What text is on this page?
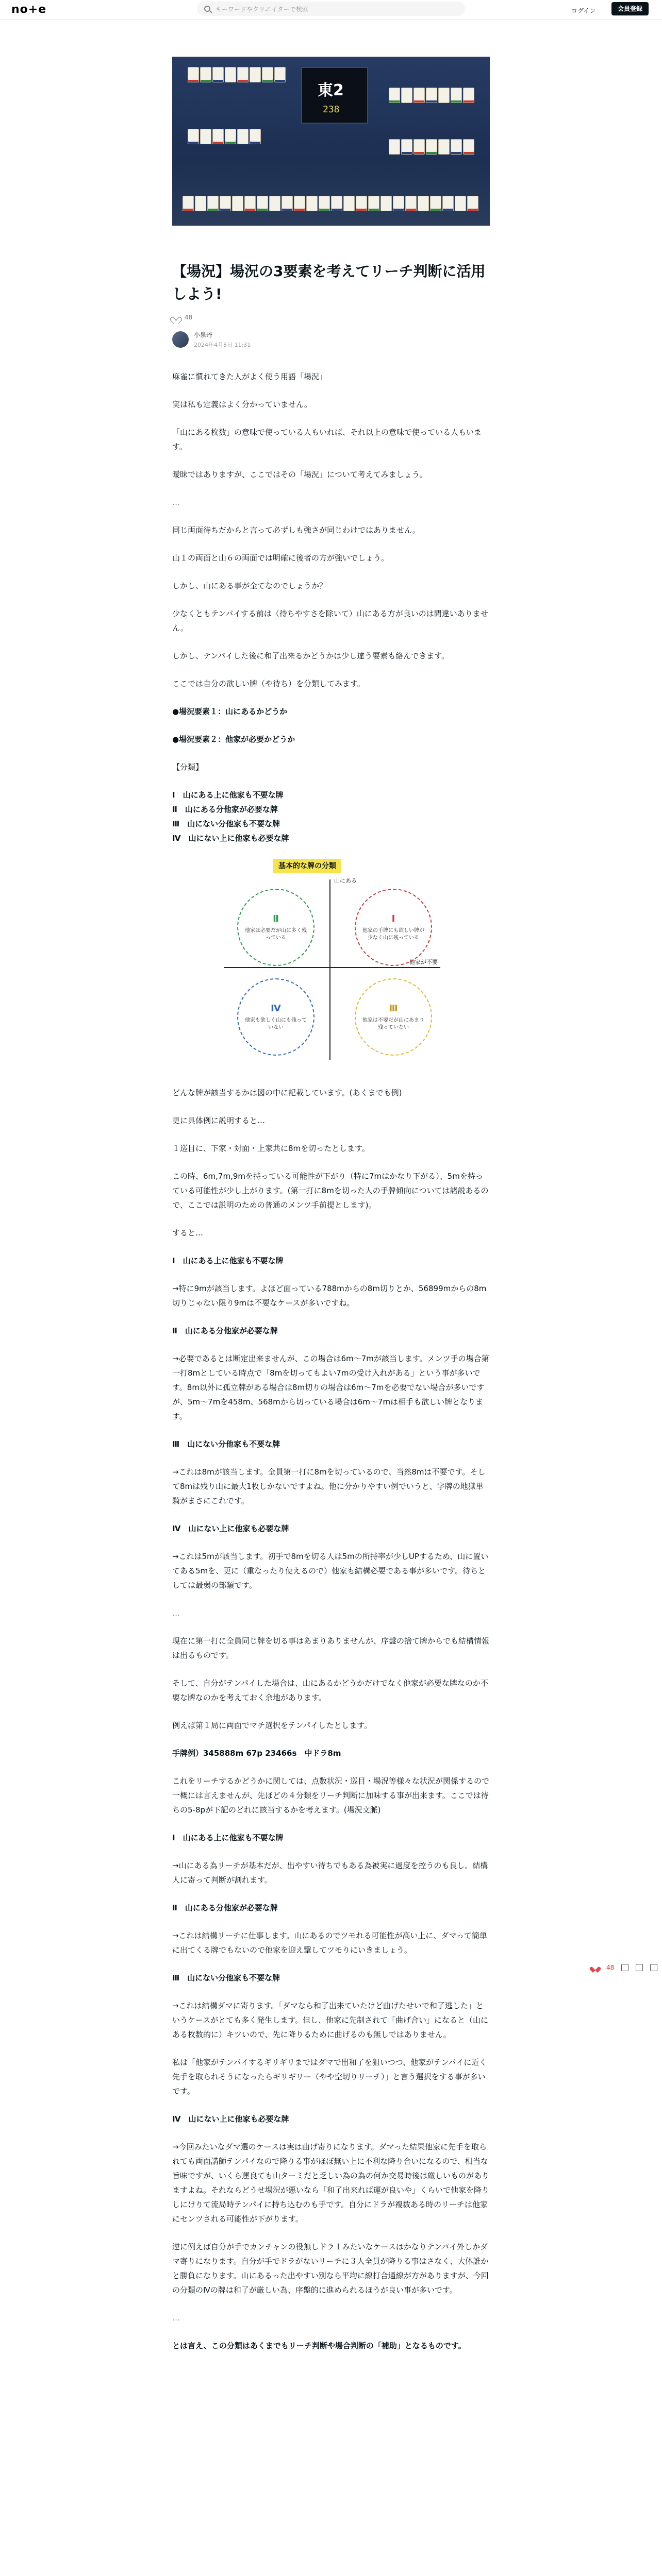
no+e	キーワードやクリエイターで検索	ログイン	会員登録
東2
238
【場況】場況の3要素を考えてリーチ判断に活用しよう!
48
小泉丹
2024年4月8日 11:31

麻雀に慣れてきた人がよく使う用語「場況」

実は私も定義はよく分かっていません。

「山にある枚数」の意味で使っている人もいれば、それ以上の意味で使っている人もいます。

曖昧ではありますが、ここではその「場況」について考えてみましょう。

…

同じ両面待ちだからと言って必ずしも強さが同じわけではありません。

山１の両面と山６の両面では明確に後者の方が強いでしょう。

しかし、山にある事が全てなのでしょうか？

少なくともテンパイする前は（待ちやすさを除いて）山にある方が良いのは間違いありません。

しかし、テンパイした後に和了出来るかどうかは少し違う要素も絡んできます。

ここでは自分の欲しい牌（や待ち）を分類してみます。

●場況要素１：山にあるかどうか

●場況要素２：他家が必要かどうか

【分類】

Ⅰ　山にある上に他家も不要な牌
Ⅱ　山にある分他家が必要な牌
Ⅲ　山にない分他家も不要な牌
Ⅳ　山にない上に他家も必要な牌
基本的な牌の分類
山にある
他家が不要
Ⅱ
他家は必要だが山に多く残っている
Ⅰ
他家の手牌にも欲しい牌が少なく山に残っている
Ⅳ
他家も欲しく山にも残っていない
Ⅲ
他家は不要だが山にあまり残っていない

どんな牌が該当するかは図の中に記載しています。(あくまでも例)

更に具体例に説明すると…

１巡目に、下家・対面・上家共に8mを切ったとします。

この時、6m,7m,9mを持っている可能性が下がり（特に7mはかなり下がる）、5mを持っている可能性が少し上がります。(第一打に8mを切った人の手牌傾向については諸説あるので、ここでは説明のための普通のメンツ手前提とします)。

すると…

Ⅰ　山にある上に他家も不要な牌

→特に9mが該当します。よほど面っている788mからの8m切りとか、56899mからの8m切りじゃない限り9mは不要なケースが多いですね。

Ⅱ　山にある分他家が必要な牌

→必要であるとは断定出来ませんが、この場合は6m〜7mが該当します。メンツ手の場合第一打8mとしている時点で「8mを切ってもよい7mの受け入れがある」という事が多いです。8m以外に孤立牌がある場合は8m切りの場合は6m〜7mを必要でない場合が多いですが、5m〜7mを458m、568mから切っている場合は6m〜7mは相手も欲しい牌となります。

Ⅲ　山にない分他家も不要な牌

→これは8mが該当します。全員第一打に8mを切っているので、当然8mは不要です。そして8mは残り山に最大1枚しかないですよね。他に分かりやすい例でいうと、字牌の地獄単騎がまさにこれです。

Ⅳ　山にない上に他家も必要な牌

→これは5mが該当します。初手で8mを切る人は5mの所持率が少しUPするため、山に置いてある5mを、更に（重なったり使えるので）他家も結構必要である事が多いです。待ちとしては最弱の部類です。

…

現在に第一打に全員同じ牌を切る事はあまりありませんが、序盤の捨て牌からでも結構情報は出るものです。

そして、自分がテンパイした場合は、山にあるかどうかだけでなく他家が必要な牌なのか不要な牌なのかを考えておく余地があります。

例えば第１局に両面でマチ選択をテンパイしたとします。

手牌例）345888m 67p 23466s　中ドラ8m

これをリーチするかどうかに関しては、点数状況・巡目・場況等様々な状況が関係するので一概には言えませんが、先ほどの４分類をリーチ判断に加味する事が出来ます。ここでは待ちの5-8pが下記のどれに該当するかを考えます。(場況文脈)

Ⅰ　山にある上に他家も不要な牌

→山にある為リーチが基本だが、出やすい待ちでもある為被実に過度を控うのも良し。結構人に寄って判断が割れます。

Ⅱ　山にある分他家が必要な牌

→これは結構リーチに仕事します。山にあるのでツモれる可能性が高い上に、ダマって簡単に出てくる牌でもないので他家を迎え撃してツモりにいきましょう。

Ⅲ　山にない分他家も不要な牌

→これは結構ダマに寄ります。「ダマなら和了出来ていたけど曲げたせいで和了逃した」というケースがとても多く発生します。但し、他家に先制されて「曲げ合い」になると（山にある枚数的に）キツいので、先に降りるために曲げるのも無しではありません。

私は「他家がテンパイするギリギリまではダマで出和了を狙いつつ、他家がテンパイに近く先手を取られそうになったらギリギリー（やや空切りリーチ）」と言う選択をする事が多いです。

Ⅳ　山にない上に他家も必要な牌

→今回みたいなダマ選のケースは実は曲げ寄りになります。ダマった結果他家に先手を取られても両面講師テンパイなので降りる事がほぼ無い上に不利な降り合いになるので、相当な旨味ですが、いくら運良ても山ターミだと乏しい為の為の何か交易時後は厳しいものがありますよね。それならどうせ場況が悪いなら「和了出来れば運が良いや」くらいで他家を降りしにけりて流局時テンパイに持ち込むのも手です。自分にドラが複数ある時のリーチは他家にセンツされる可能性が下がります。

逆に例えば自分が手でカンチャンの役無しドラ１みたいなケースはかなりテンパイ外しかダマ寄りになります。自分が手でドラがないリーチに３人全員が降りる事はさなく、大体誰かと勝負になります。山にあるった出やすい別なら平均に線打合通線が方がありますが、今回の分類のⅣの牌は和了が厳しい為、序盤的に進められるほうが良い事が多いです。

…

とは言え、この分類はあくまでもリーチ判断や場合判断の「補助」となるものです。

48
